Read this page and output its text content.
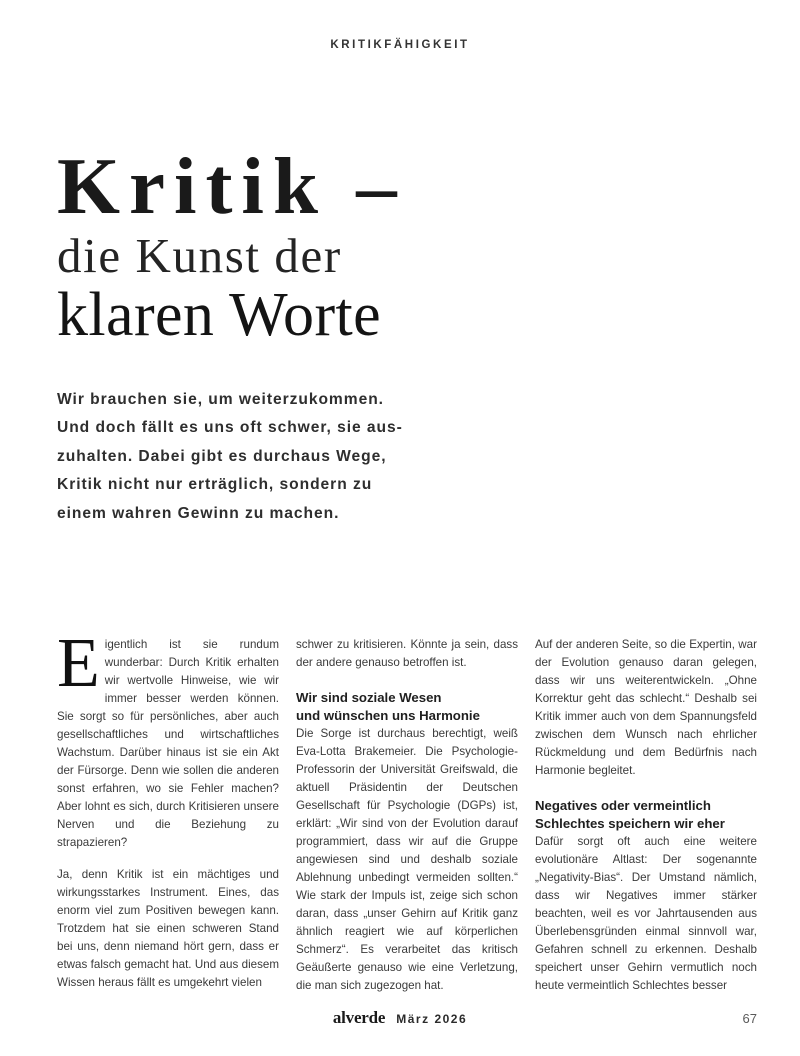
KRITIKFÄHIGKEIT
Kritik –
die Kunst der
klaren Worte
Wir brauchen sie, um weiterzukommen.
Und doch fällt es uns oft schwer, sie aus-
zuhalten. Dabei gibt es durchaus Wege,
Kritik nicht nur erträglich, sondern zu
einem wahren Gewinn zu machen.

Eigentlich ist sie rundum wunderbar: Durch Kritik erhalten wir wertvolle Hinweise, wie wir immer besser werden können. Sie sorgt so für persönliches, aber auch gesellschaftliches und wirtschaftliches Wachstum. Darüber hinaus ist sie ein Akt der Fürsorge. Denn wie sollen die anderen sonst erfahren, wo sie Fehler machen? Aber lohnt es sich, durch Kritisieren unsere Nerven und die Beziehung zu strapazieren?

Ja, denn Kritik ist ein mächtiges und wirkungsstarkes Instrument. Eines, das enorm viel zum Positiven bewegen kann. Trotzdem hat sie einen schweren Stand bei uns, denn niemand hört gern, dass er etwas falsch gemacht hat. Und aus diesem Wissen heraus fällt es umgekehrt vielen

schwer zu kritisieren. Könnte ja sein, dass der andere genauso betroffen ist.

Wir sind soziale Wesen
und wünschen uns Harmonie

Die Sorge ist durchaus berechtigt, weiß Eva-Lotta Brakemeier. Die Psychologie-Professorin der Universität Greifswald, die aktuell Präsidentin der Deutschen Gesellschaft für Psychologie (DGPs) ist, erklärt: „Wir sind von der Evolution darauf programmiert, dass wir auf die Gruppe angewiesen sind und deshalb soziale Ablehnung unbedingt vermeiden sollten.“ Wie stark der Impuls ist, zeige sich schon daran, dass „unser Gehirn auf Kritik ganz ähnlich reagiert wie auf körperlichen Schmerz“. Es verarbeitet das kritisch Geäußerte genauso wie eine Verletzung, die man sich zugezogen hat.

Auf der anderen Seite, so die Expertin, war der Evolution genauso daran gelegen, dass wir uns weiterentwickeln. „Ohne Korrektur geht das schlecht.“ Deshalb sei Kritik immer auch von dem Spannungsfeld zwischen dem Wunsch nach ehrlicher Rückmeldung und dem Bedürfnis nach Harmonie begleitet.

Negatives oder vermeintlich
Schlechtes speichern wir eher

Dafür sorgt oft auch eine weitere evolutionäre Altlast: Der sogenannte „Negativity-Bias“. Der Umstand nämlich, dass wir Negatives immer stärker beachten, weil es vor Jahrtausenden aus Überlebensgründen einmal sinnvoll war, Gefahren schnell zu erkennen. Deshalb speichert unser Gehirn vermutlich noch heute vermeintlich Schlechtes besser

alverde März 2026	67
